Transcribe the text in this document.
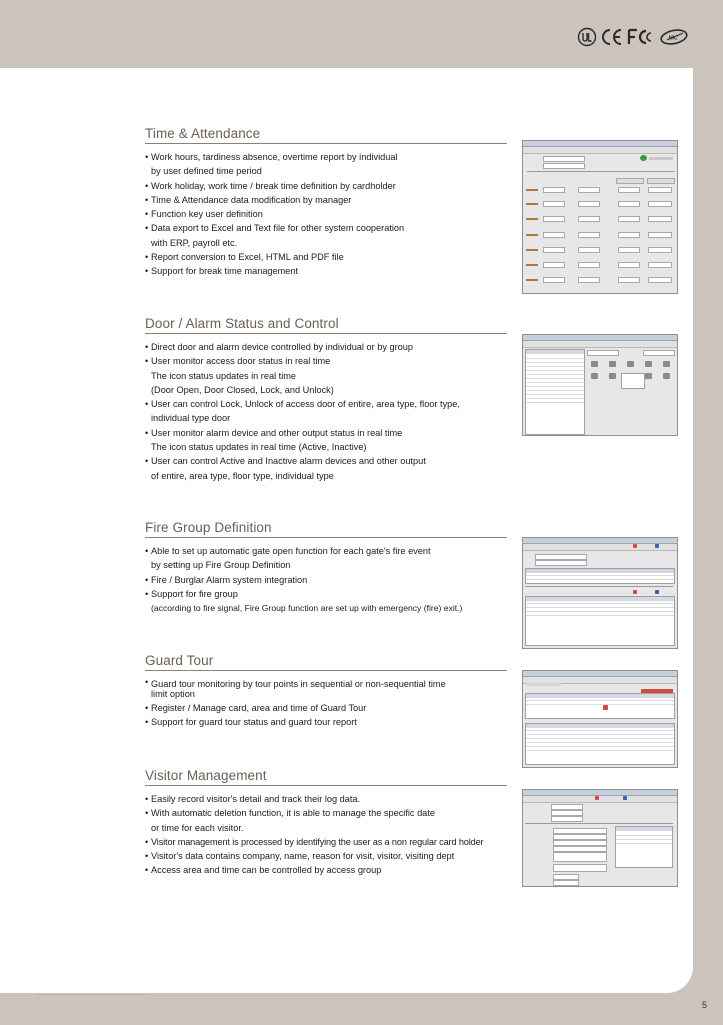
MIC
Time & Attendance
• Work hours, tardiness absence, overtime report by individual
by user defined time period
• Work holiday, work time / break time definition by cardholder
• Time & Attendance data modification by manager
• Function key user definition
• Data export to Excel and Text file for other system cooperation
with ERP, payroll etc.
• Report conversion to Excel, HTML and PDF file
• Support for break time management
Door / Alarm Status and Control
• Direct door and alarm device controlled by individual or by group
• User monitor access door status in real time
The icon status updates in real time
(Door Open, Door Closed, Lock, and Unlock)
• User can control Lock, Unlock of access door of entire, area type, floor type,
individual type door
• User monitor alarm device and other output status in real time
The icon status updates in real time (Active, Inactive)
• User can control Active and Inactive alarm devices and other output
of entire, area type, floor type, individual type
Fire Group Definition
• Able to set up automatic gate open function for each gate's fire event
by setting up Fire Group Definition
• Fire / Burglar Alarm system integration
• Support for fire group
(according to fire signal, Fire Group function are set up with emergency (fire) exit.)
Guard Tour
• Guard tour monitoring by tour points in sequential or non-sequential time
limit option
• Register / Manage card, area and time of Guard Tour
• Support for guard tour status and guard tour report
Visitor Management
• Easily record visitor's detail and track their log data.
• With automatic deletion function, it is able to manage the specific date
or time for each visitor.
• Visitor management is processed by identifying the user as a non regular card holder
• Visitor's data contains company, name, reason for visit, visitor, visiting dept
• Access area and time can be controlled by access group
5
